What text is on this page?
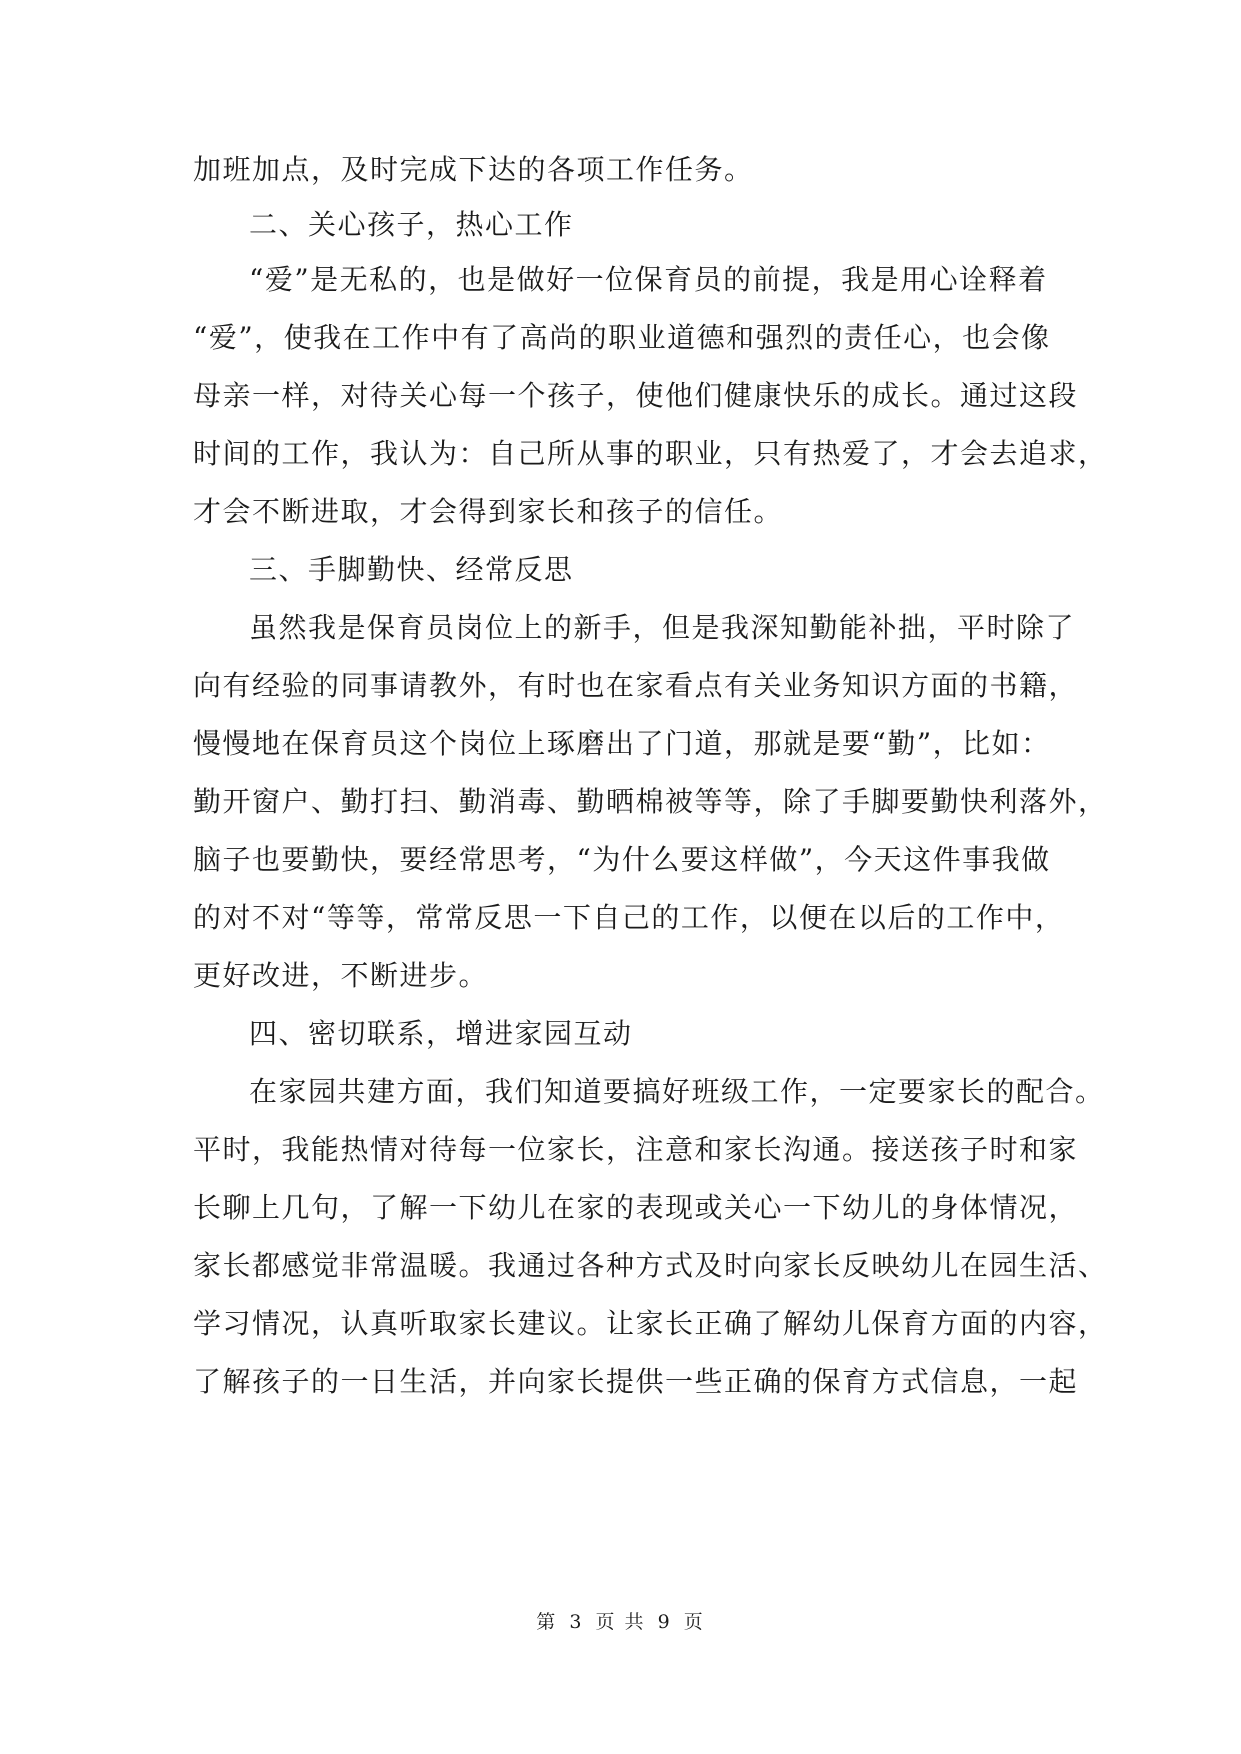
加班加点，及时完成下达的各项工作任务。
二、关心孩子，热心工作
“爱”是无私的，也是做好一位保育员的前提，我是用心诠释着
“爱”，使我在工作中有了高尚的职业道德和强烈的责任心，也会像
母亲一样，对待关心每一个孩子，使他们健康快乐的成长。通过这段
时间的工作，我认为：自己所从事的职业，只有热爱了，才会去追求，
才会不断进取，才会得到家长和孩子的信任。
三、手脚勤快、经常反思
虽然我是保育员岗位上的新手，但是我深知勤能补拙，平时除了
向有经验的同事请教外，有时也在家看点有关业务知识方面的书籍，
慢慢地在保育员这个岗位上琢磨出了门道，那就是要“勤”，比如：
勤开窗户、勤打扫、勤消毒、勤晒棉被等等，除了手脚要勤快利落外，
脑子也要勤快，要经常思考，“为什么要这样做”，今天这件事我做
的对不对“等等，常常反思一下自己的工作，以便在以后的工作中，
更好改进，不断进步。
四、密切联系，增进家园互动
在家园共建方面，我们知道要搞好班级工作，一定要家长的配合。
平时，我能热情对待每一位家长，注意和家长沟通。接送孩子时和家
长聊上几句，了解一下幼儿在家的表现或关心一下幼儿的身体情况，
家长都感觉非常温暖。我通过各种方式及时向家长反映幼儿在园生活、
学习情况，认真听取家长建议。让家长正确了解幼儿保育方面的内容，
了解孩子的一日生活，并向家长提供一些正确的保育方式信息，一起
第 3 页 共 9 页
